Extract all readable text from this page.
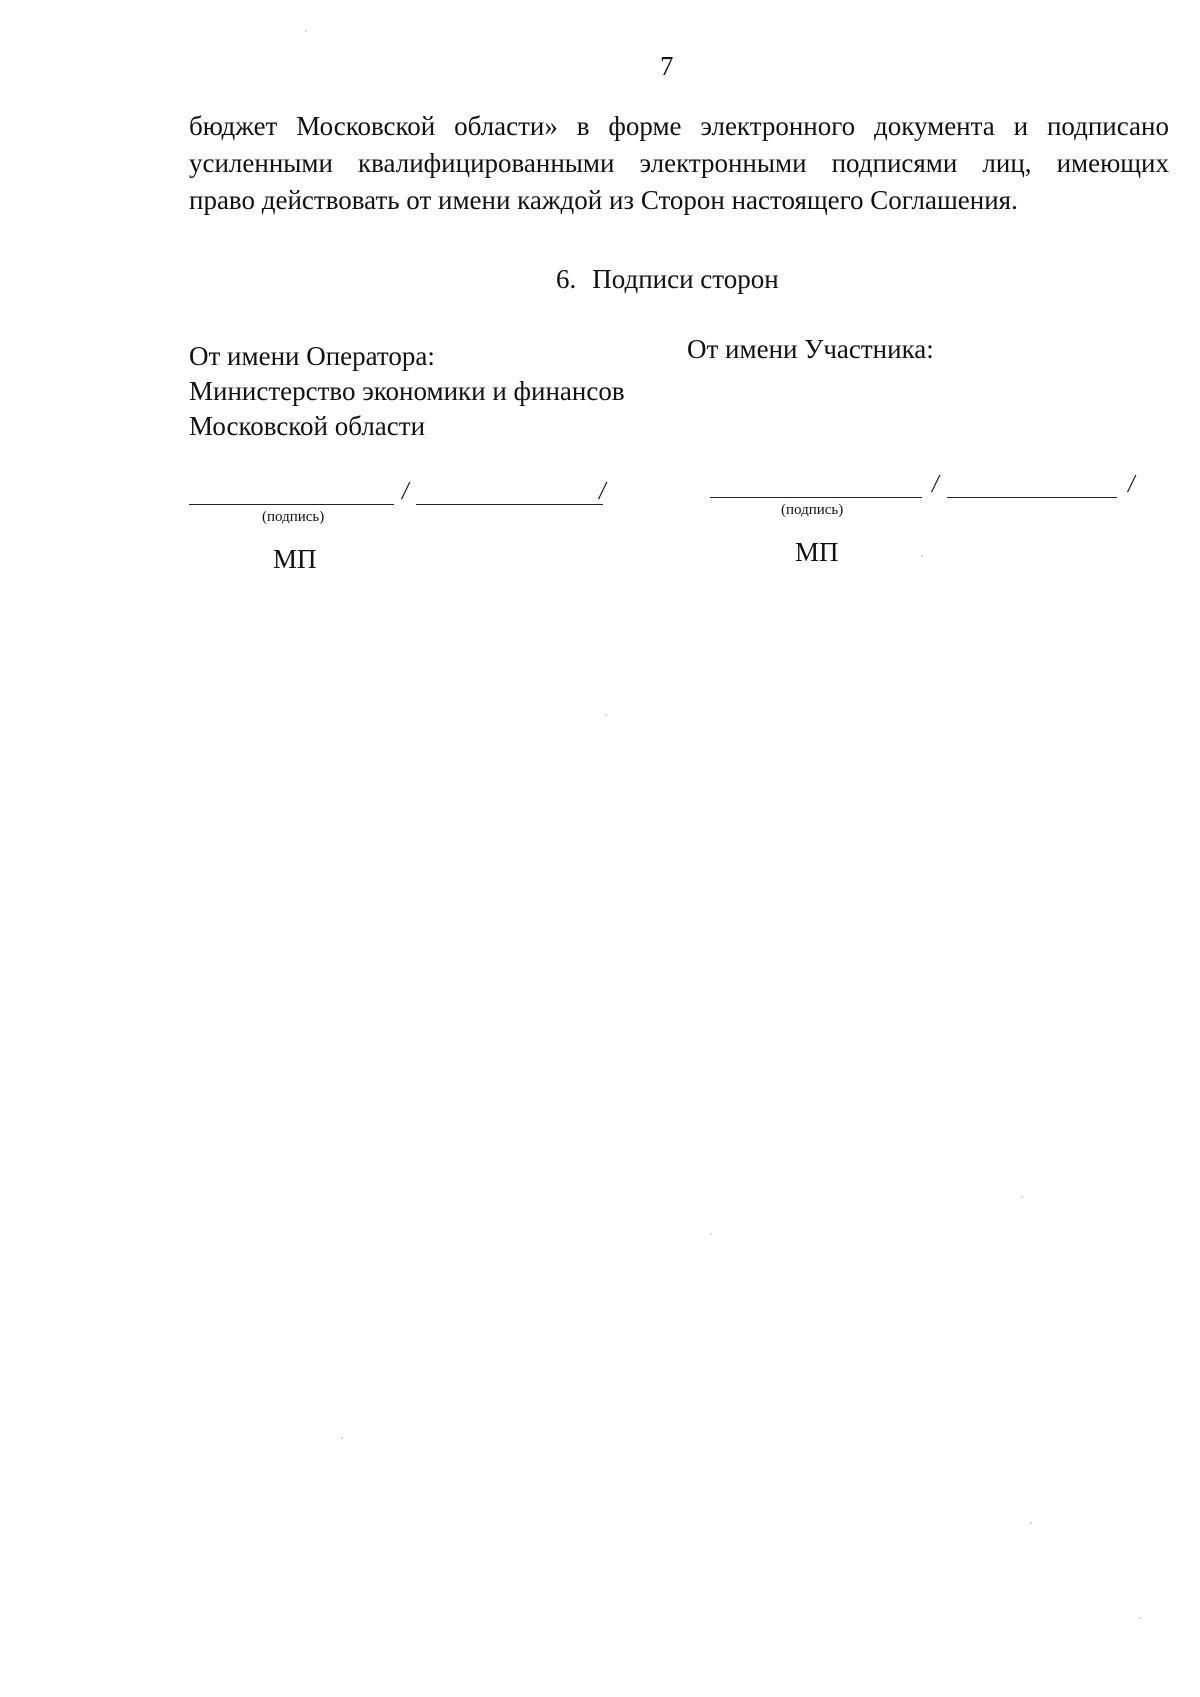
7
бюджет Московской области» в форме электронного документа и подписано
усиленными квалифицированными электронными подписями лиц, имеющих
право действовать от имени каждой из Сторон настоящего Соглашения.
6. Подписи сторон
От имени Оператора:
Министерство экономики и финансов
Московской области
/	/
(подпись)
МП
От имени Участника:
/	/
(подпись)
МП
